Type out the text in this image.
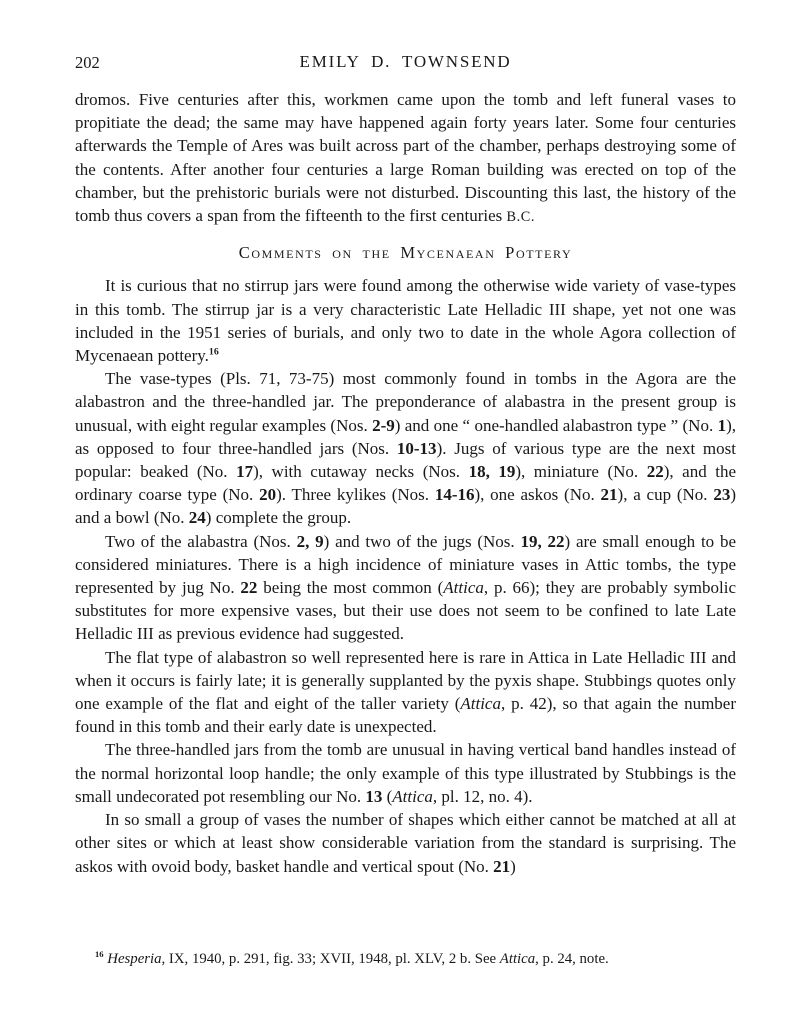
202	EMILY D. TOWNSEND

dromos. Five centuries after this, workmen came upon the tomb and left funeral vases to propitiate the dead; the same may have happened again forty years later. Some four centuries afterwards the Temple of Ares was built across part of the chamber, perhaps destroying some of the contents. After another four centuries a large Roman building was erected on top of the chamber, but the prehistoric burials were not disturbed. Discounting this last, the history of the tomb thus covers a span from the fifteenth to the first centuries B.C.

Comments on the Mycenaean Pottery

It is curious that no stirrup jars were found among the otherwise wide variety of vase-types in this tomb. The stirrup jar is a very characteristic Late Helladic III shape, yet not one was included in the 1951 series of burials, and only two to date in the whole Agora collection of Mycenaean pottery.$^{16}$

The vase-types (Pls. 71, 73-75) most commonly found in tombs in the Agora are the alabastron and the three-handled jar. The preponderance of alabastra in the present group is unusual, with eight regular examples (Nos. 2-9) and one “ one-handled alabastron type ” (No. 1), as opposed to four three-handled jars (Nos. 10-13). Jugs of various type are the next most popular: beaked (No. 17), with cutaway necks (Nos. 18, 19), miniature (No. 22), and the ordinary coarse type (No. 20). Three kylikes (Nos. 14-16), one askos (No. 21), a cup (No. 23) and a bowl (No. 24) complete the group.

Two of the alabastra (Nos. 2, 9) and two of the jugs (Nos. 19, 22) are small enough to be considered miniatures. There is a high incidence of miniature vases in Attic tombs, the type represented by jug No. 22 being the most common (Attica, p. 66); they are probably symbolic substitutes for more expensive vases, but their use does not seem to be confined to late Late Helladic III as previous evidence had suggested.

The flat type of alabastron so well represented here is rare in Attica in Late Helladic III and when it occurs is fairly late; it is generally supplanted by the pyxis shape. Stubbings quotes only one example of the flat and eight of the taller variety (Attica, p. 42), so that again the number found in this tomb and their early date is unexpected.

The three-handled jars from the tomb are unusual in having vertical band handles instead of the normal horizontal loop handle; the only example of this type illustrated by Stubbings is the small undecorated pot resembling our No. 13 (Attica, pl. 12, no. 4).

In so small a group of vases the number of shapes which either cannot be matched at all at other sites or which at least show considerable variation from the standard is surprising. The askos with ovoid body, basket handle and vertical spout (No. 21)

$^{16}$ Hesperia, IX, 1940, p. 291, fig. 33; XVII, 1948, pl. XLV, 2 b. See Attica, p. 24, note.
